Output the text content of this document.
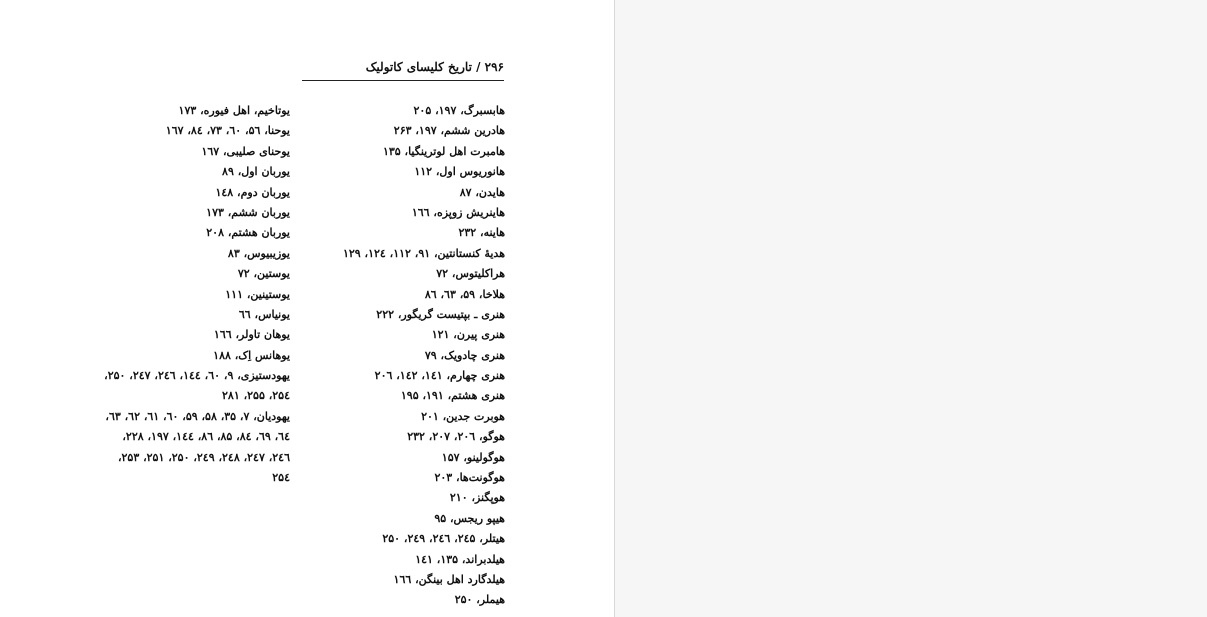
۲۹۶ / تاریخ کلیسای کاتولیک
هابسبرگ، ۱۹۷، ۲۰۵
هادرین ششم، ۱۹۷، ۲۶۳
هامبرت اهل لوترینگیا، ۱۳۵
هانوریوس اول، ۱۱۲
هایدن، ۸۷
هاینریش زوپزه، ۱٦٦
هاینه، ۲۳۲
هدیهٔ کنستانتین، ۹۱، ۱۱۲، ۱۲٤، ۱۲۹
هراکلیتوس، ۷۲
هلاخا، ۵۹، ٦۳، ۸٦
هنری ـ بپتیست گریگور، ۲۲۲
هنری پیرن، ۱۲۱
هنری چادویک، ۷۹
هنری چهارم، ۱٤۱، ۱٤۲، ۲۰٦
هنری هشتم، ۱۹۱، ۱۹۵
هوبرت جدین، ۲۰۱
هوگو، ۲۰٦، ۲۰۷، ۲۳۲
هوگولینو، ۱۵۷
هوگونت‌ها، ۲۰۳
هوپگنز، ۲۱۰
هیپو ریجس، ۹۵
هیتلر، ۲٤۵، ۲٤٦، ۲٤۹، ۲۵۰
هیلدبراند، ۱۳۵، ۱٤۱
هیلدگارد اهل بینگن، ۱٦٦
هیملر، ۲۵۰
یوتاخیم، اهل فیوره، ۱۷۳
یوحنا، ۵٦، ٦۰، ۷۳، ۸٤، ۱٦۷
یوحنای صلیبی، ۱٦۷
یوربان اول، ۸۹
یوربان دوم، ۱٤۸
یوربان ششم، ۱۷۳
یوربان هشتم، ۲۰۸
یوزیبیوس، ۸۳
یوستین، ۷۲
یوستینین، ۱۱۱
یونیاس، ٦٦
یوهان تاولر، ۱٦٦
یوهانس اِک، ۱۸۸
یهودستیزی، ۹، ٦۰، ۱٤٤، ۲٤٦، ۲٤۷، ۲۵۰،
۲۵٤، ۲۵۵، ۲۸۱
یهودیان، ۷، ۳۵، ۵۸، ۵۹، ٦۰، ٦۱، ٦۲، ٦۳،
٦٤، ٦۹، ۸٤، ۸۵، ۸٦، ۱٤٤، ۱۹۷، ۲۲۸،
۲٤٦، ۲٤۷، ۲٤۸، ۲٤۹، ۲۵۰، ۲۵۱، ۲۵۳،
۲۵٤
